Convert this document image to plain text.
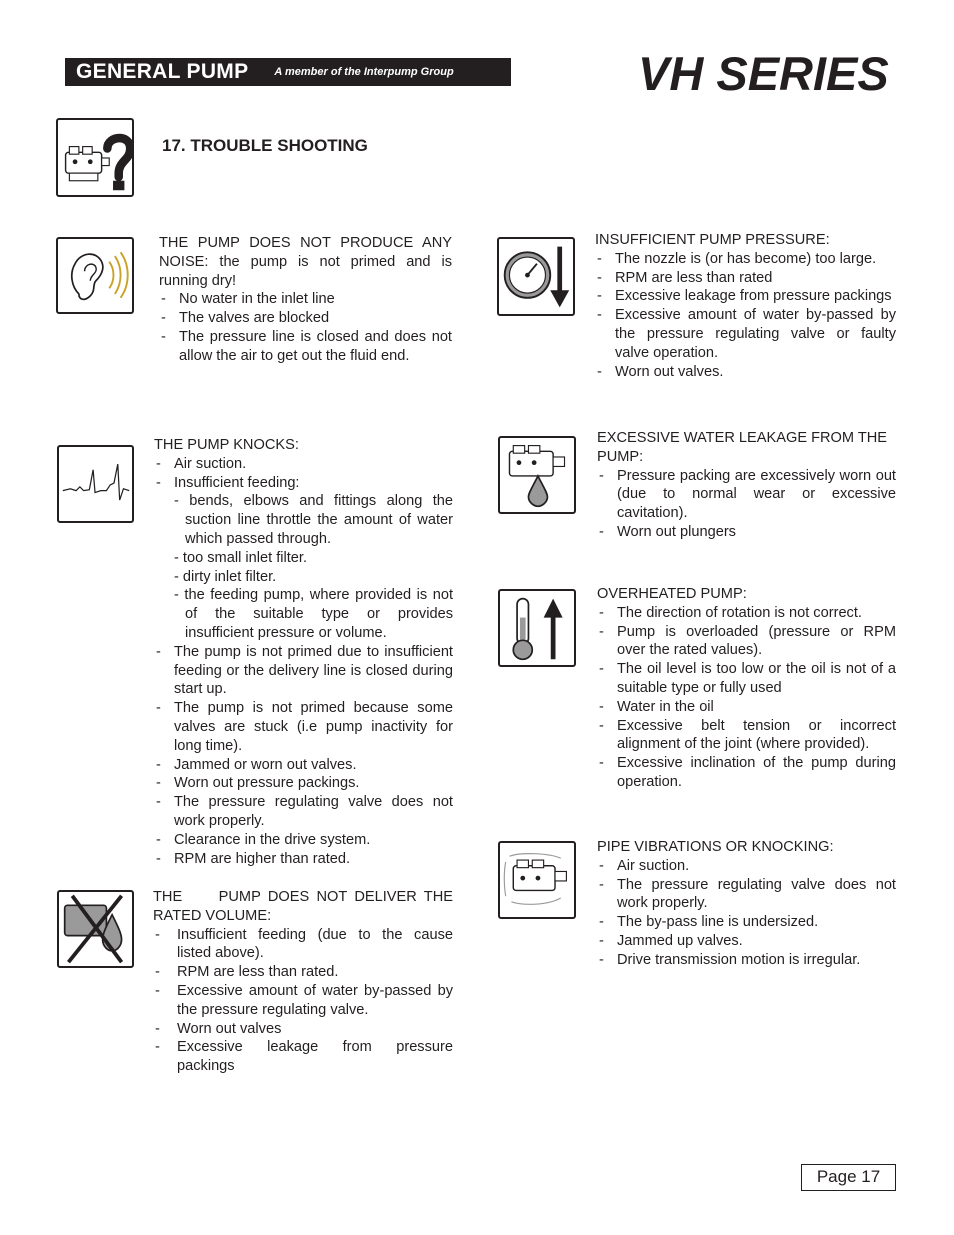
GENERAL PUMP A member of the Interpump Group	VH SERIES
17. TROUBLE SHOOTING
THE PUMP DOES NOT PRODUCE ANY NOISE: the pump is not primed and is running dry!
- No water in the inlet line
- The valves are blocked
- The pressure line is closed and does not allow the air to get out the fluid end.
THE PUMP KNOCKS:
- Air suction.
- Insufficient feeding:
- bends, elbows and fittings along the suction line throttle the amount of water which passed through.
- too small inlet filter.
- dirty inlet filter.
- the feeding pump, where provided is not of the suitable type or provides insufficient pressure or volume.
- The pump is not primed due to insufficient feeding or the delivery line is closed during start up.
- The pump is not primed because some valves are stuck (i.e pump inactivity for long time).
- Jammed or worn out valves.
- Worn out pressure packings.
- The pressure regulating valve does not work properly.
- Clearance in the drive system.
- RPM are higher than rated.
THE     PUMP DOES NOT DELIVER THE RATED VOLUME:
- Insufficient feeding (due to the cause listed above).
- RPM are less than rated.
- Excessive amount of water by-passed by the pressure regulating valve.
- Worn out valves
- Excessive leakage from pressure packings
INSUFFICIENT PUMP PRESSURE:
- The nozzle is (or has become) too large.
- RPM are less than rated
- Excessive leakage from pressure packings
- Excessive amount of water by-passed by the pressure regulating valve or faulty valve operation.
- Worn out valves.
EXCESSIVE WATER LEAKAGE FROM THE PUMP:
- Pressure packing are excessively worn out (due to normal wear or excessive cavitation).
- Worn out plungers
OVERHEATED PUMP:
- The direction of rotation is not correct.
- Pump is overloaded (pressure or RPM over the rated values).
- The oil level is too low or the oil is not of a suitable type or fully used
- Water in the oil
- Excessive belt tension or incorrect alignment of the joint (where provided).
- Excessive inclination of the pump during operation.
PIPE VIBRATIONS OR KNOCKING:
- Air suction.
- The pressure regulating valve does not work properly.
- The by-pass line is undersized.
- Jammed up valves.
- Drive transmission motion is irregular.
Page 17
